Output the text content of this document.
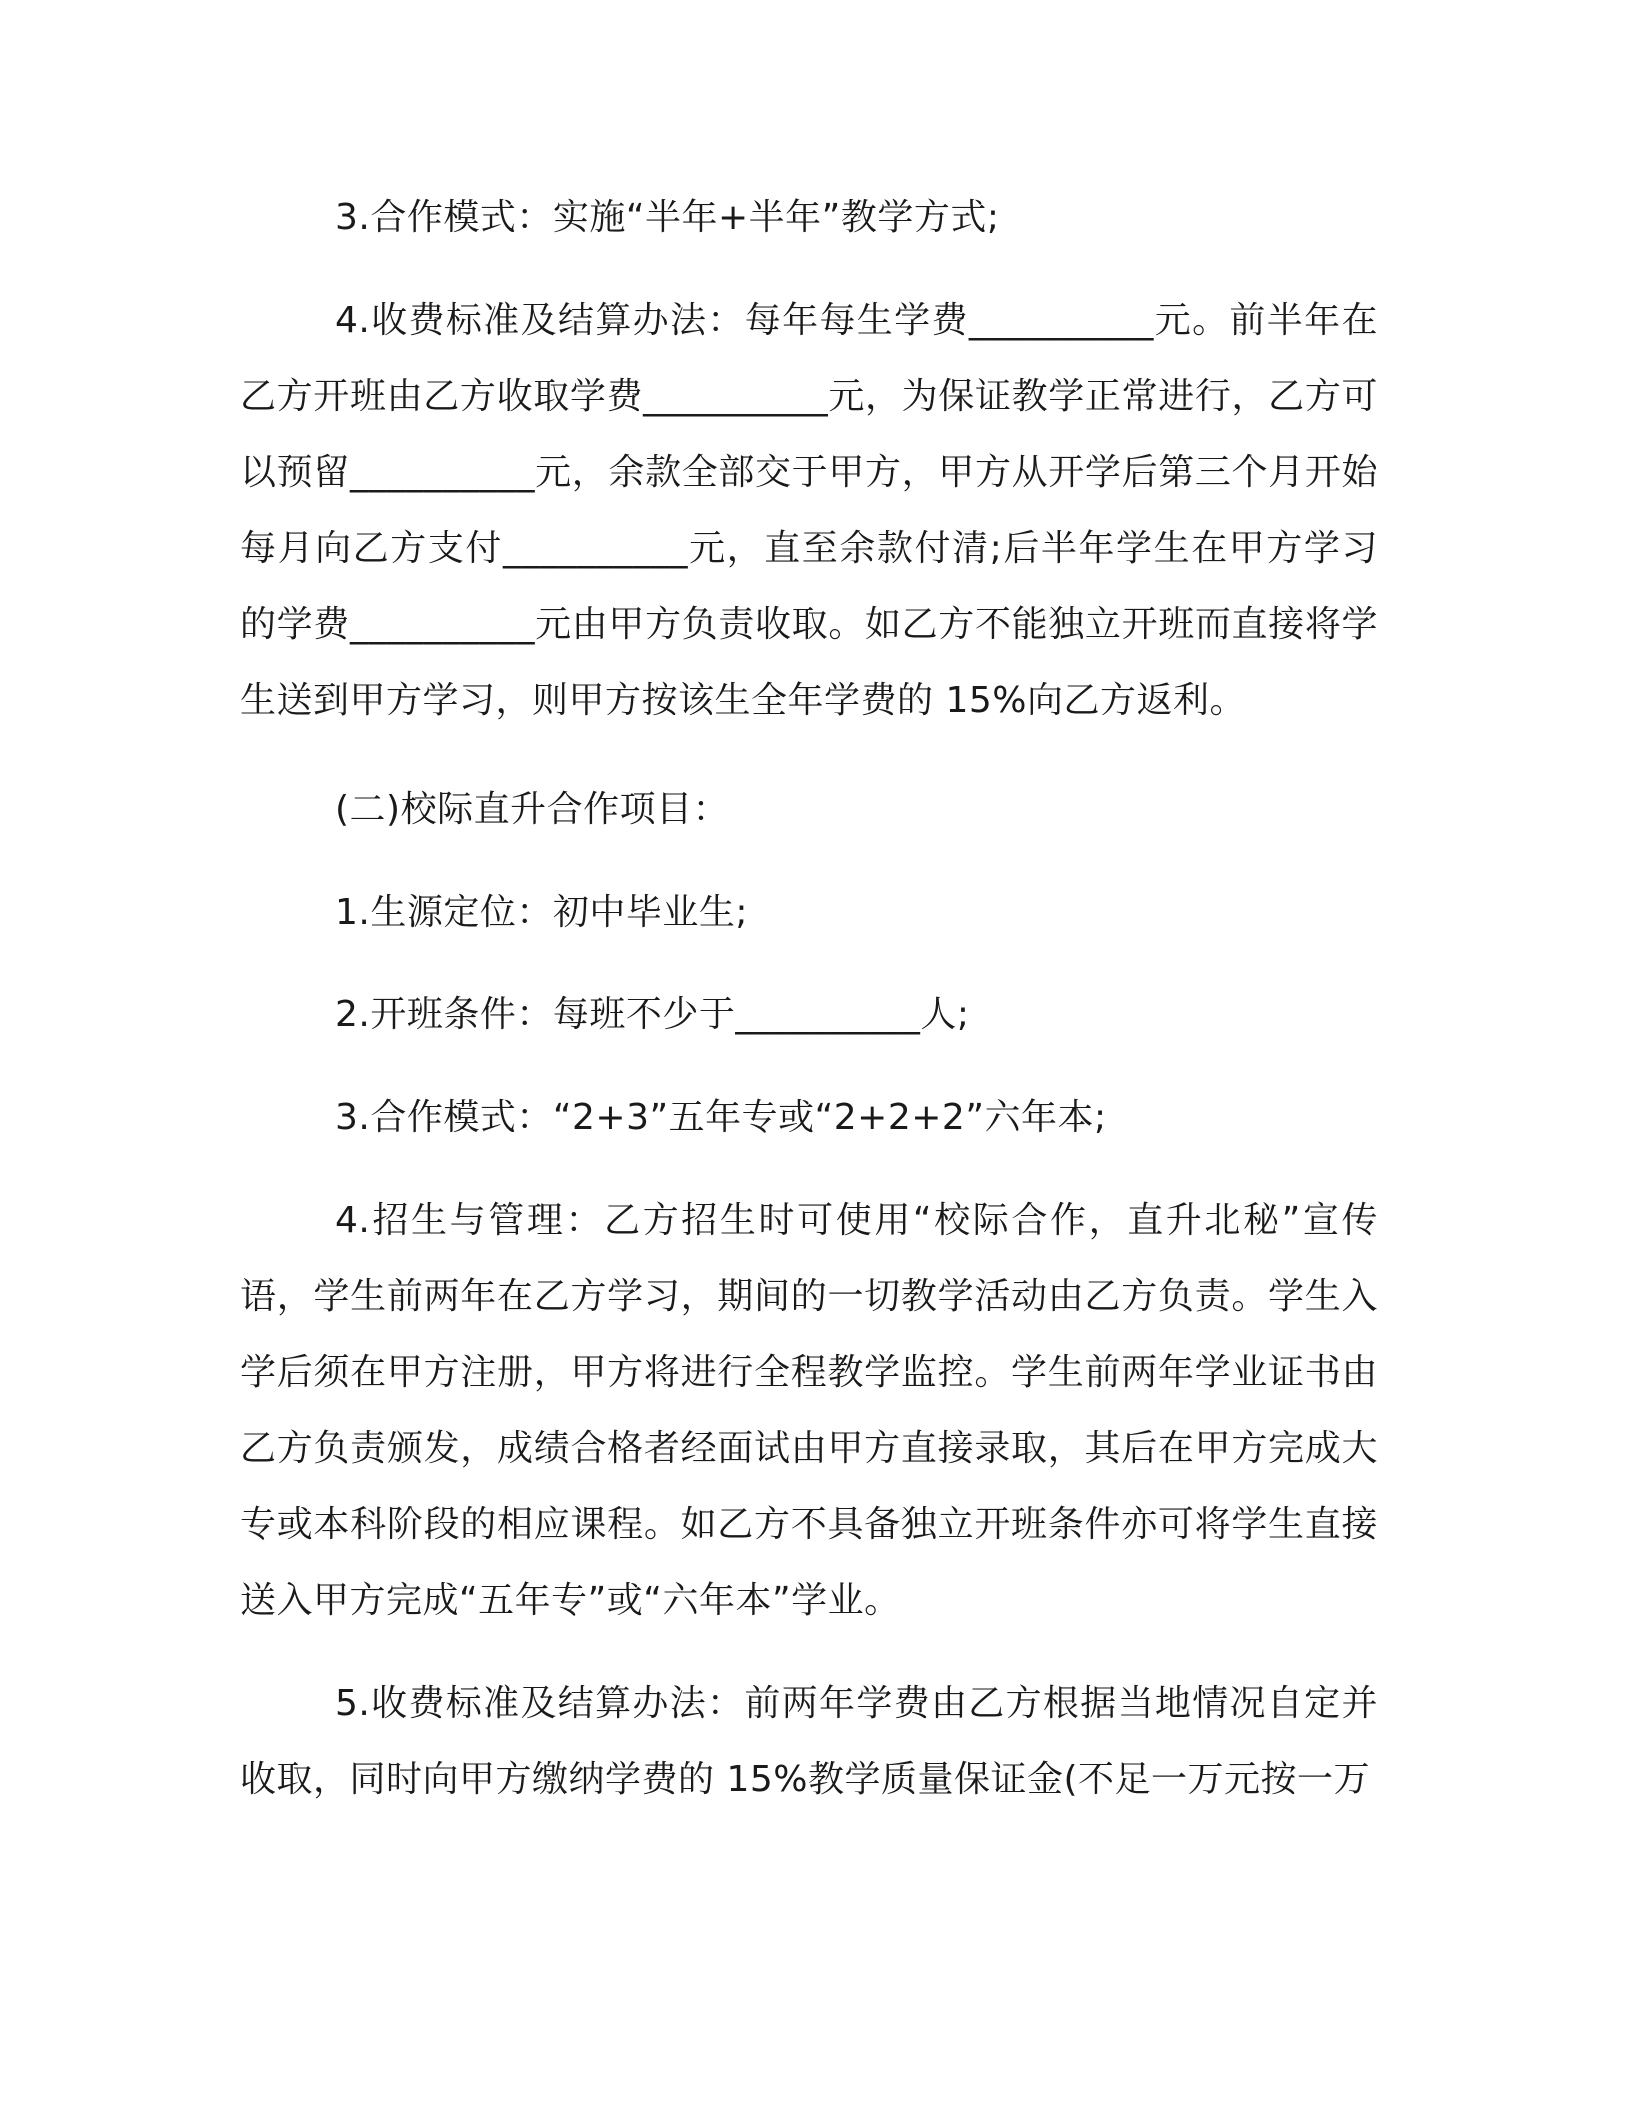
3.合作模式：实施“半年+半年”教学方式;

4.收费标准及结算办法：每年每生学费__________元。前半年在乙方开班由乙方收取学费__________元，为保证教学正常进行，乙方可以预留__________元，余款全部交于甲方，甲方从开学后第三个月开始每月向乙方支付__________元，直至余款付清;后半年学生在甲方学习的学费__________元由甲方负责收取。如乙方不能独立开班而直接将学生送到甲方学习，则甲方按该生全年学费的 15%向乙方返利。

(二)校际直升合作项目：

1.生源定位：初中毕业生;

2.开班条件：每班不少于__________人;

3.合作模式：“2+3”五年专或“2+2+2”六年本;

4.招生与管理：乙方招生时可使用“校际合作，直升北秘”宣传语，学生前两年在乙方学习，期间的一切教学活动由乙方负责。学生入学后须在甲方注册，甲方将进行全程教学监控。学生前两年学业证书由乙方负责颁发，成绩合格者经面试由甲方直接录取，其后在甲方完成大专或本科阶段的相应课程。如乙方不具备独立开班条件亦可将学生直接送入甲方完成“五年专”或“六年本”学业。

5.收费标准及结算办法：前两年学费由乙方根据当地情况自定并收取，同时向甲方缴纳学费的 15%教学质量保证金(不足一万元按一万
